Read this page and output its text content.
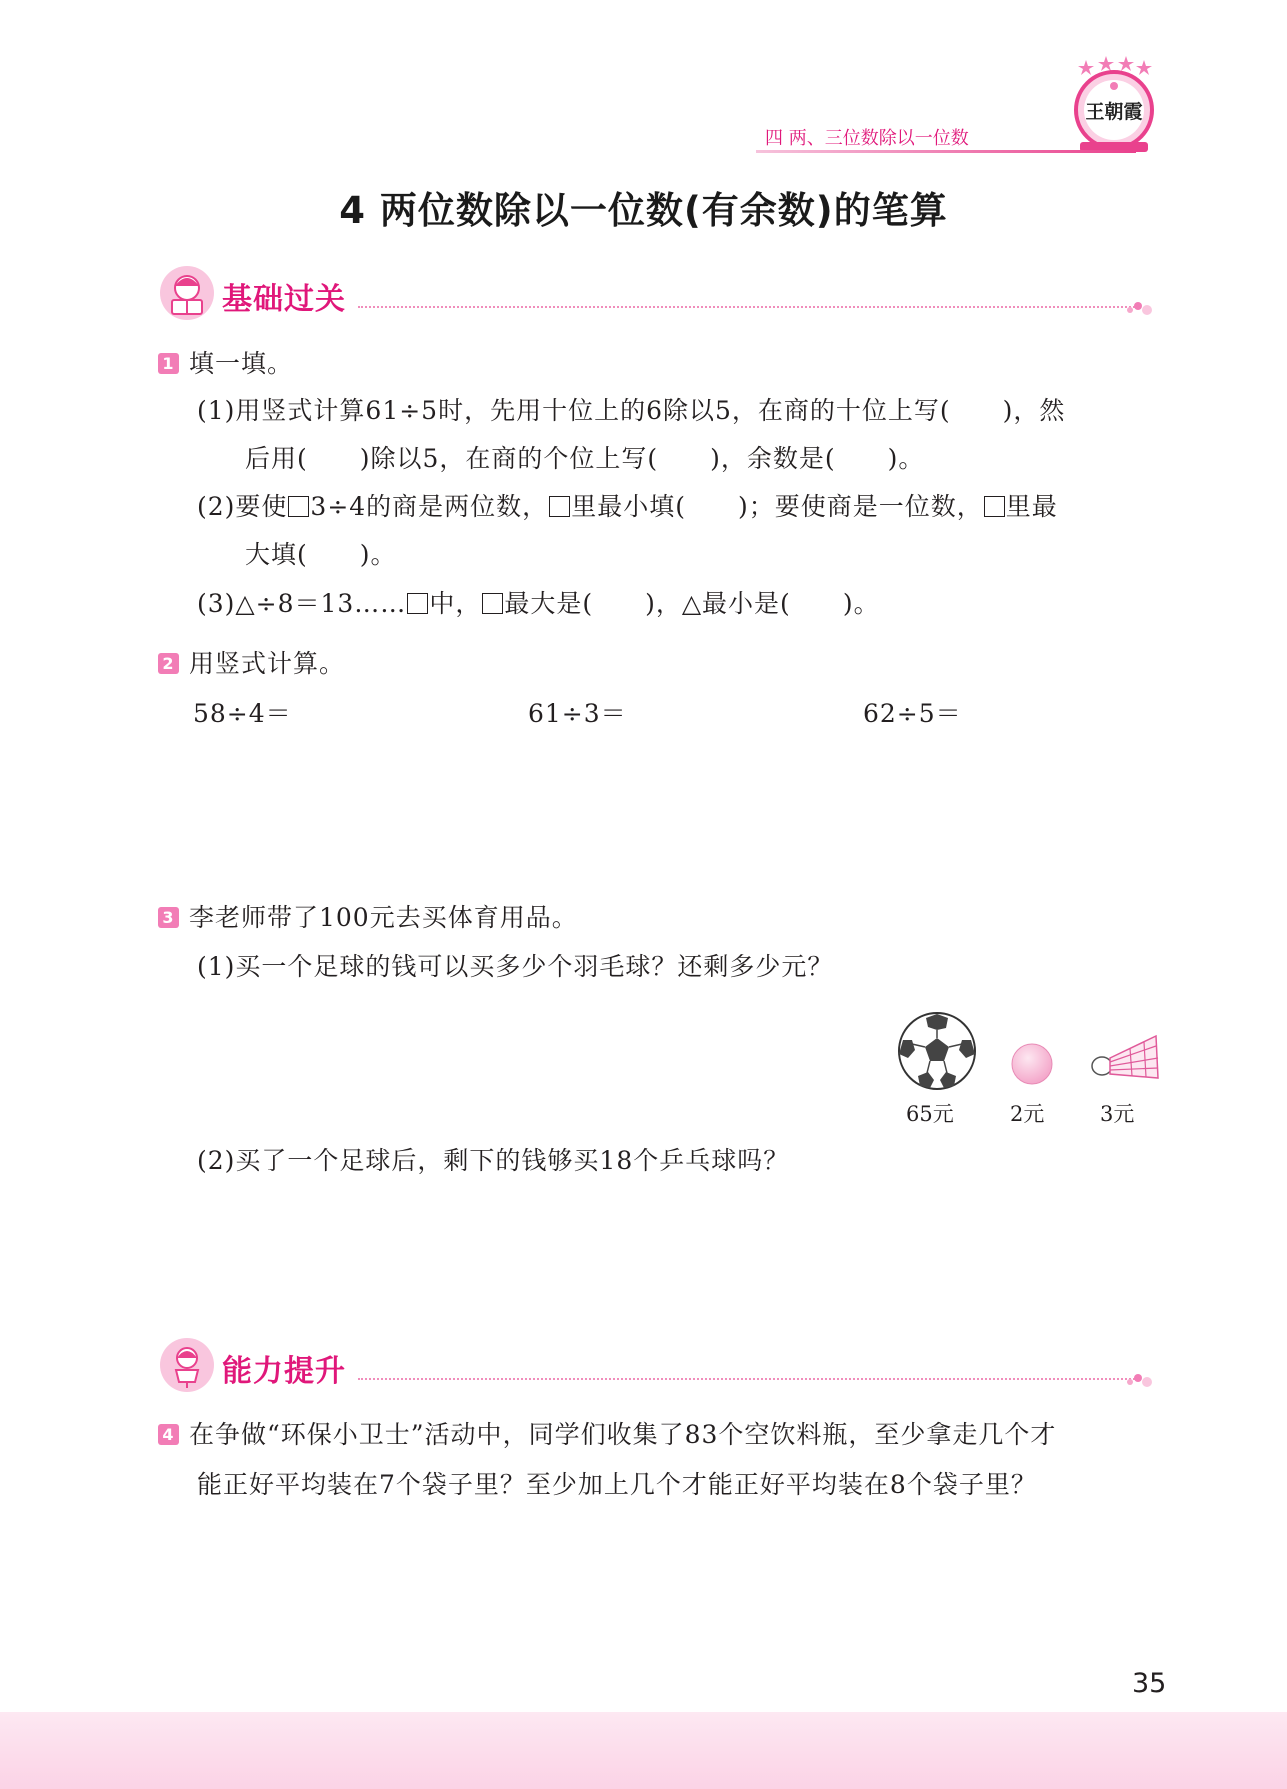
王朝霞
四 两、三位数除以一位数
4 两位数除以一位数(有余数)的笔算
基础过关
1 填一填。
(1)用竖式计算61÷5时，先用十位上的6除以5，在商的十位上写(　　)，然
后用(　　)除以5，在商的个位上写(　　)，余数是(　　)。
(2)要使 3÷4的商是两位数， 里最小填(　　)；要使商是一位数， 里最
大填(　　)。
(3)△÷8＝13…… 中， 最大是(　　)，△最小是(　　)。
2 用竖式计算。
58÷4＝	61÷3＝	62÷5＝
3 李老师带了100元去买体育用品。
(1)买一个足球的钱可以买多少个羽毛球？还剩多少元？
65元	2元	3元
(2)买了一个足球后，剩下的钱够买18个乒乓球吗？
能力提升
4 在争做“环保小卫士”活动中，同学们收集了83个空饮料瓶，至少拿走几个才
能正好平均装在7个袋子里？至少加上几个才能正好平均装在8个袋子里？
35
